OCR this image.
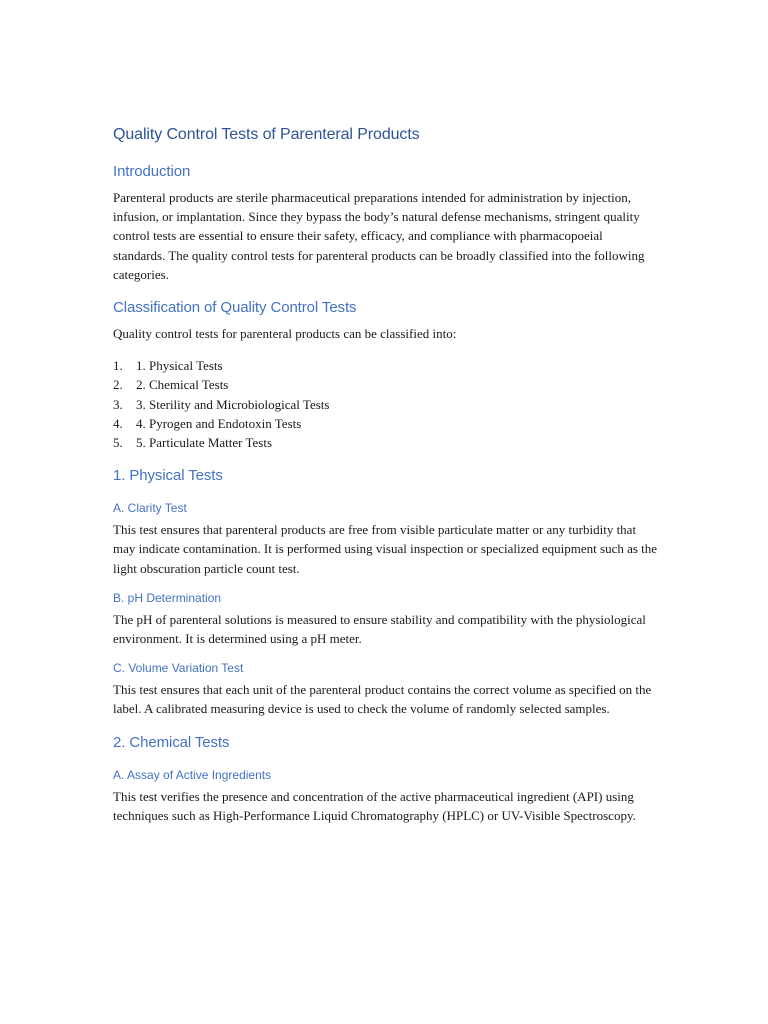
Quality Control Tests of Parenteral Products
Introduction

Parenteral products are sterile pharmaceutical preparations intended for administration by injection, infusion, or implantation. Since they bypass the body’s natural defense mechanisms, stringent quality control tests are essential to ensure their safety, efficacy, and compliance with pharmacopoeial standards. The quality control tests for parenteral products can be broadly classified into the following categories.

Classification of Quality Control Tests

Quality control tests for parenteral products can be classified into:

1. 1. Physical Tests
2. 2. Chemical Tests
3. 3. Sterility and Microbiological Tests
4. 4. Pyrogen and Endotoxin Tests
5. 5. Particulate Matter Tests
1. Physical Tests
A. Clarity Test

This test ensures that parenteral products are free from visible particulate matter or any turbidity that may indicate contamination. It is performed using visual inspection or specialized equipment such as the light obscuration particle count test.

B. pH Determination

The pH of parenteral solutions is measured to ensure stability and compatibility with the physiological environment. It is determined using a pH meter.

C. Volume Variation Test

This test ensures that each unit of the parenteral product contains the correct volume as specified on the label. A calibrated measuring device is used to check the volume of randomly selected samples.

2. Chemical Tests
A. Assay of Active Ingredients

This test verifies the presence and concentration of the active pharmaceutical ingredient (API) using techniques such as High-Performance Liquid Chromatography (HPLC) or UV-Visible Spectroscopy.
